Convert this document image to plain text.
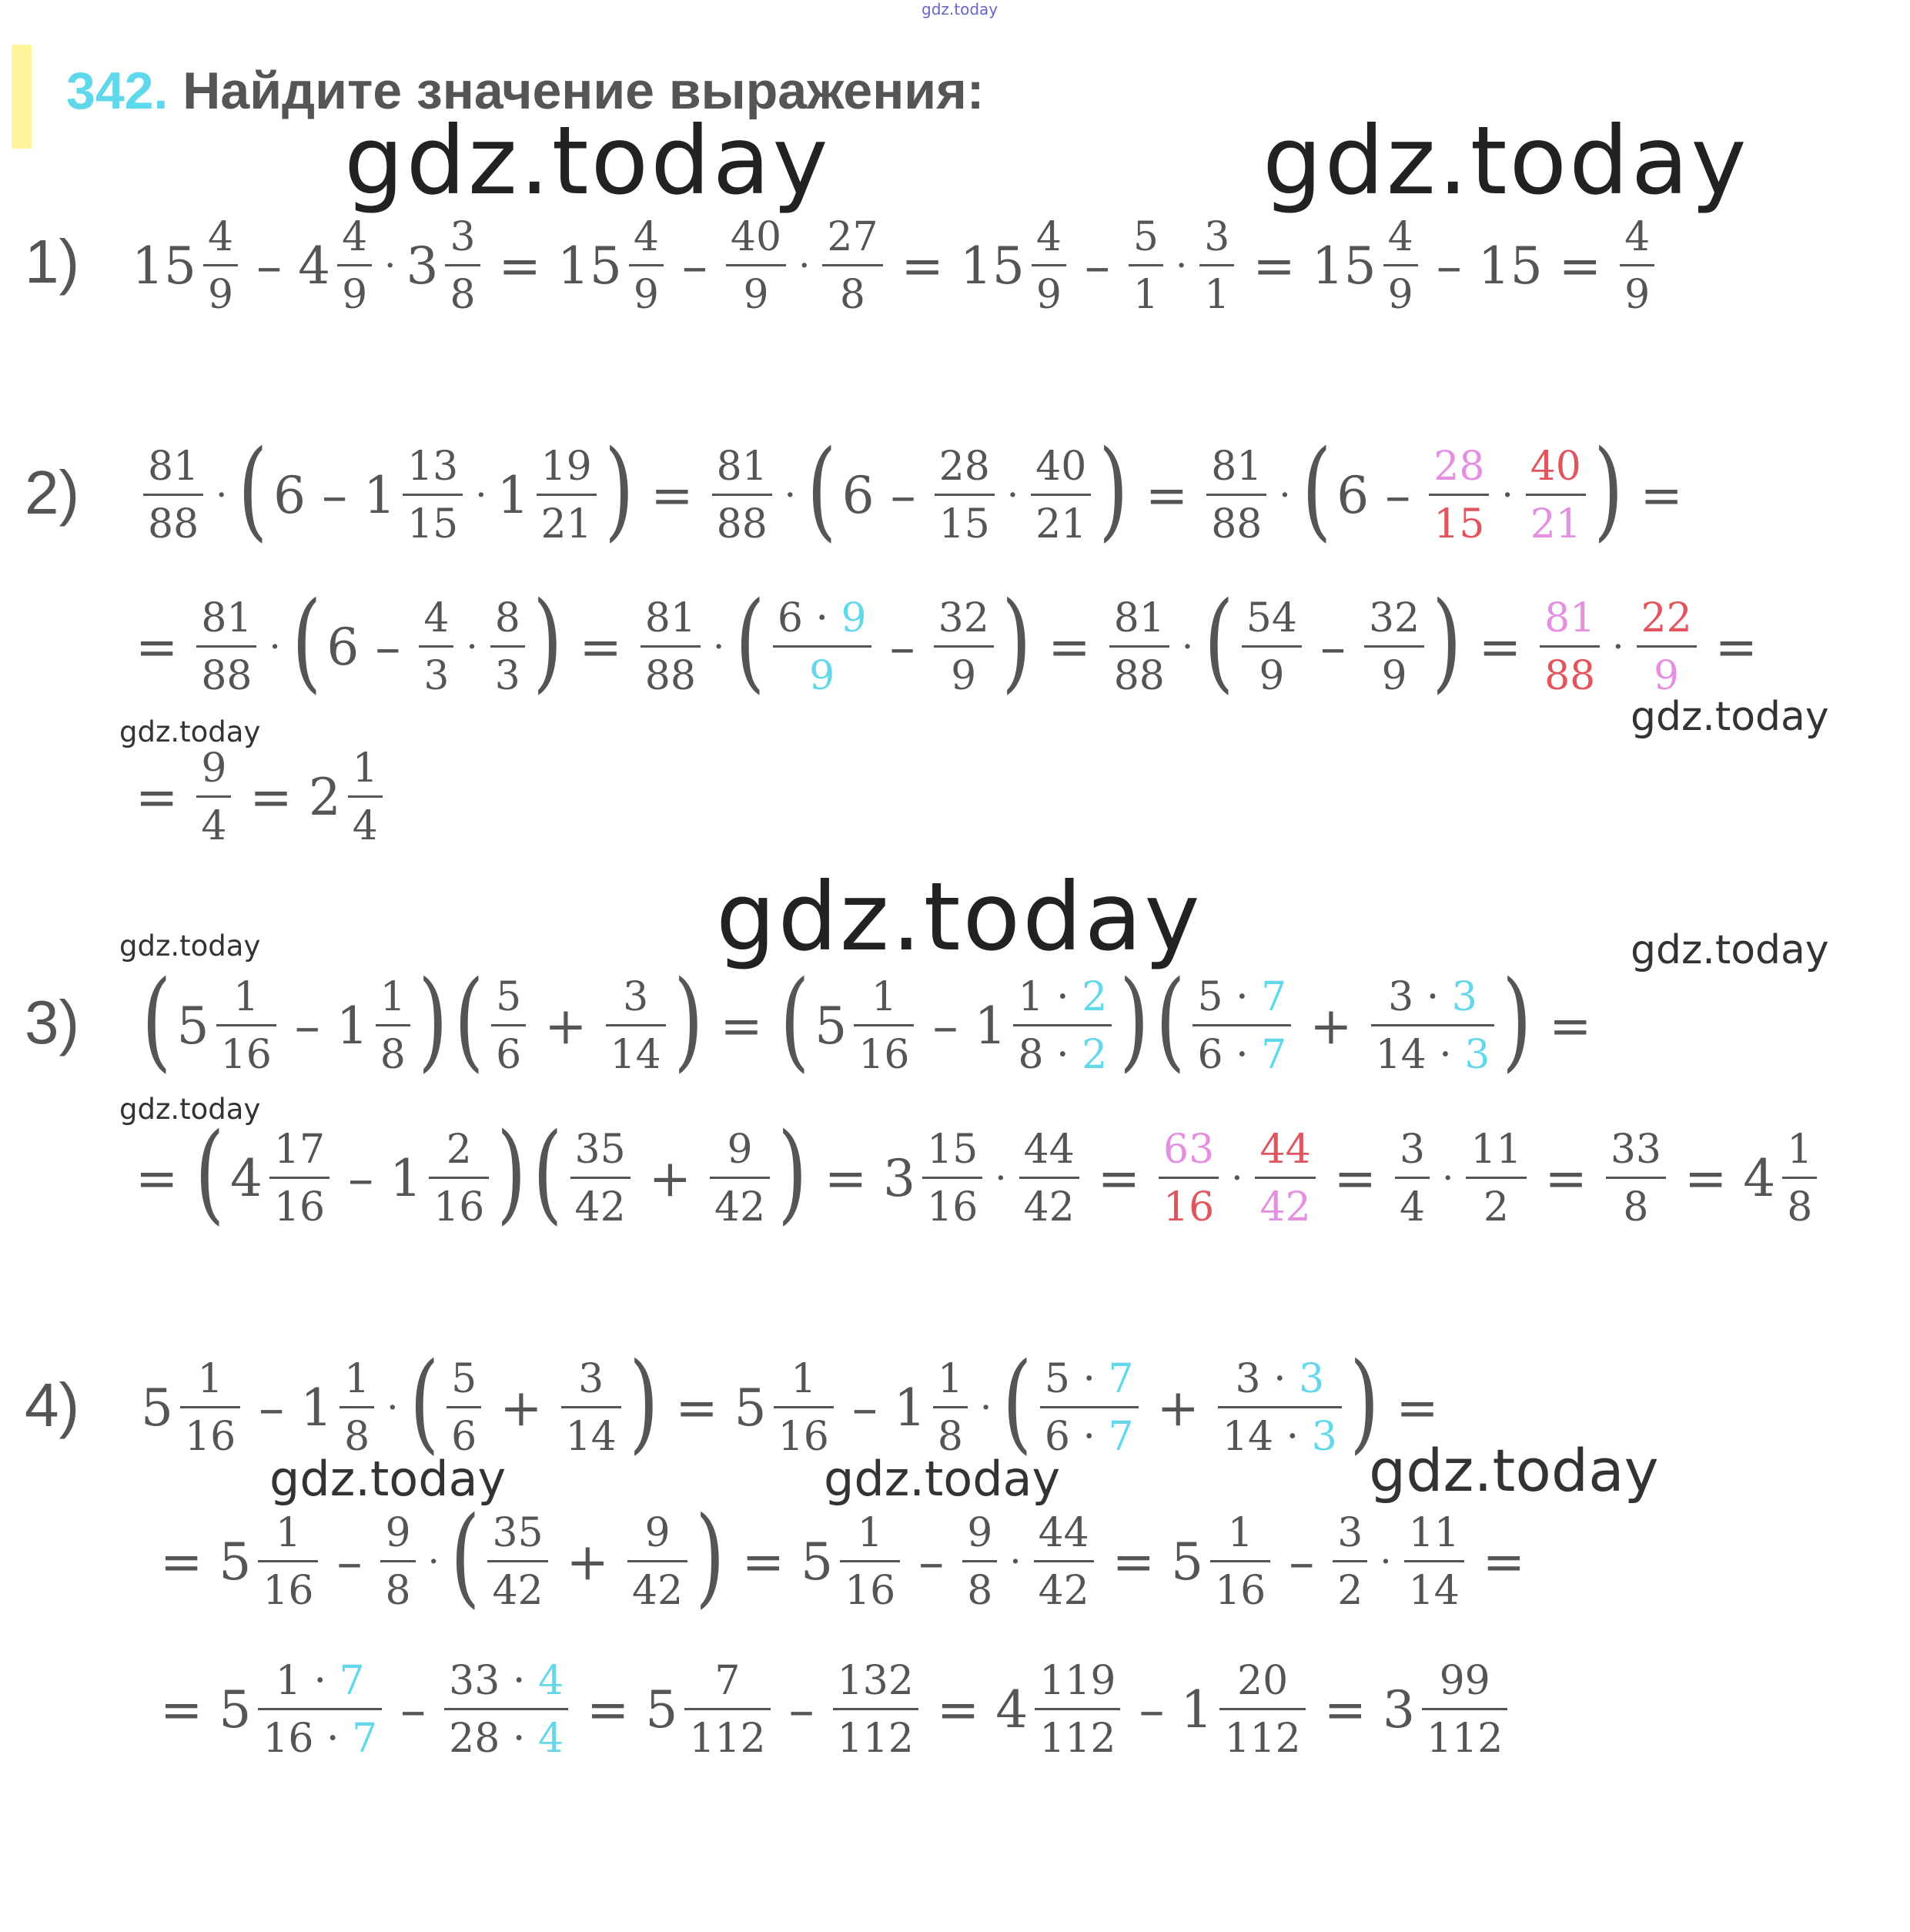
gdz.today
342. Найдите значение выражения:
gdz.today	gdz.today
gdz.today
gdz.today
gdz.today
gdz.today
gdz.today
gdz.today
gdz.today	gdz.today	gdz.today
1)
2)
3)
4)
$15 \frac{4}{9} - 4 \frac{4}{9} \cdot 3 \frac{3}{8} = 15 \frac{4}{9} - \frac{40}{9} \cdot \frac{27}{8} = 15 \frac{4}{9} - \frac{5}{1} \cdot \frac{3}{1} = 15 \frac{4}{9} - 15 = \frac{4}{9}$
$\frac{81}{88}$ · ( $6 - 1 \frac{13}{15} \cdot 1 \frac{19}{21}$ ) = $\frac{81}{88}$ · ( $6 - \frac{28}{15} \cdot \frac{40}{21}$ ) = $\frac{81}{88}$ · ( $6 - \frac{28}{15} \cdot \frac{40}{21}$ ) =
= $\frac{81}{88}$ · ( $6 - \frac{4}{3} \cdot \frac{8}{3}$ ) = $\frac{81}{88}$ · ( $\frac{6 \cdot 9}{9} - \frac{32}{9}$ ) = $\frac{81}{88}$ · ( $\frac{54}{9} - \frac{32}{9}$ ) = $\frac{81}{88} \cdot \frac{22}{9}$ =
= $\frac{9}{4} = 2 \frac{1}{4}$
( $5 \frac{1}{16} - 1 \frac{1}{8}$ ) ( $\frac{5}{6} + \frac{3}{14}$ ) = ( $5 \frac{1}{16} - 1 \frac{1 \cdot 2}{8 \cdot 2}$ ) ( $\frac{5 \cdot 7}{6 \cdot 7} + \frac{3 \cdot 3}{14 \cdot 3}$ ) =
= ( $4 \frac{17}{16} - 1 \frac{2}{16}$ ) ( $\frac{35}{42} + \frac{9}{42}$ ) = $3 \frac{15}{16} \cdot \frac{44}{42} = \frac{63}{16} \cdot \frac{44}{42} = \frac{3}{4} \cdot \frac{11}{2} = \frac{33}{8} = 4 \frac{1}{8}$
$5 \frac{1}{16} - 1 \frac{1}{8}$ · ( $\frac{5}{6} + \frac{3}{14}$ ) = $5 \frac{1}{16} - 1 \frac{1}{8}$ · ( $\frac{5 \cdot 7}{6 \cdot 7} + \frac{3 \cdot 3}{14 \cdot 3}$ ) =
= $5 \frac{1}{16} - \frac{9}{8}$ · ( $\frac{35}{42} + \frac{9}{42}$ ) = $5 \frac{1}{16} - \frac{9}{8} \cdot \frac{44}{42} = 5 \frac{1}{16} - \frac{3}{2} \cdot \frac{11}{14}$ =
= $5 \frac{1 \cdot 7}{16 \cdot 7} - \frac{33 \cdot 4}{28 \cdot 4} = 5 \frac{7}{112} - \frac{132}{112} = 4 \frac{119}{112} - 1 \frac{20}{112} = 3 \frac{99}{112}$
